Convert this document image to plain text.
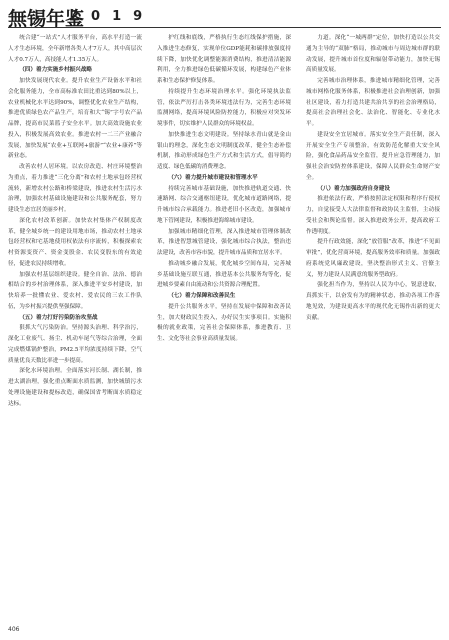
無锡年鉴
2019

统合建“一站式”人才服务平台，高水平打造一流人才生态环境，全年新增各类人才7万人，其中高层次人才0.7万人，高技能人才1.35万人。

（四）着力实施乡村振兴战略

加快发展现代农业。提升农业生产设备水平和社会化服务能力，全市高标准农田比重达到80%以上，农业机械化水平达到90%，调整优化农业生产结构，推进优质绿色农产品生产，培育和大“锡”字号农产品品牌，提高市民菜篮子安全水平。加大高效设施农业投入，积极发展高效农业。推进农村一二三产业融合发展，加快发展“农业+互联网+旅游”“农业+康养”等新业态。

改善农村人居环境。以农房改造、村庄环境整治为重点，着力推进“三化分离”和农村土地承包经营权流转，新增农村公路和桥梁建设，推进农村生活污水治理，加强农村基础设施建设和公共服务配套，努力建设生态宜居美丽乡村。

深化农村改革创新。加快农村集体产权制度改革，健全城乡统一的建设用地市场，推动农村土地承包经营权和宅基地使用权依法有序流转，积极探索农村资源变资产、资金变股金、农民变股东的有效途径，促进农民持续增收。

加强农村基层组织建设。健全自治、法治、德治相结合的乡村治理体系，深入推进平安乡村建设，加快培养一批懂农业、爱农村、爱农民的三农工作队伍，为乡村振兴提供坚强保障。

（五）着力打好污染防治攻坚战

狠抓大气污染防治。坚持源头治理、科学治污，深化工业废气、扬尘、机动车尾气等综合治理，全面完成燃煤锅炉整治，PM2.5平均浓度持续下降，空气质量优良天数比率进一步提高。

深化水环境治理。全面落实河长制、湖长制，推进太湖治理，强化重点断面水质监测，加快城镇污水处理设施建设和提标改造，确保国省考断面水质稳定达标。

护红线和底线，严格执行生态红线保护措施，深入推进生态修复，实现单位GDP能耗和碳排放强度持续下降，加快优化调整能源消费结构，推进清洁能源利用，全力推进绿色低碳循环发展，构建绿色产业体系和生态保护修复体系。

持续提升生态环境治理水平。强化环境执法监管，依法严厉打击各类环境违法行为，完善生态环境监测网络，提高环境风险防控能力，积极应对突发环境事件，切实维护人民群众的环境权益。

加快推进生态文明建设。坚持绿水青山就是金山银山的理念，深化生态文明制度改革，健全生态补偿机制，推动形成绿色生产方式和生活方式，倡导简约适度、绿色低碳的消费理念。

（六）着力提升城市建设和管理水平

持续完善城市基础设施，加快推进轨道交通、快速路网、综合交通枢纽建设，优化城市道路网络，提升城市综合承载能力。推进老旧小区改造，加强城市地下管网建设，积极推进海绵城市建设。

加强城市精细化管理，深入推进城市管理体制改革，推进智慧城管建设，强化城市综合执法，整治违法建设，改善市容市貌，提升城市品质和宜居水平。

推动城乡融合发展，优化城乡空间布局，完善城乡基础设施互联互通，推进基本公共服务均等化，促进城乡要素自由流动和公共资源合理配置。

（七）着力保障和改善民生

提升公共服务水平，坚持在发展中保障和改善民生，加大财政民生投入，办好民生实事项目。实施积极的就业政策，完善社会保障体系，推进教育、卫生、文化等社会事业高质量发展。

力道。深化“一城两群”定位，加快打造以公共交通为主导的“双肺”格局，推动城市与周边城市群的联动发展，提升城市首位度和辐射带动能力，加快无锡高质量发展。

完善城市治理体系，推进城市精细化管理，完善城市网格化服务体系，积极推进社会治理创新，加强社区建设，着力打造共建共治共享的社会治理格局，提高社会治理社会化、法治化、智能化、专业化水平。

建设安全宜居城市。落实安全生产责任制，深入开展安全生产专项整治，有效防范化解重大安全风险，强化食品药品安全监管，提升应急管理能力，加强社会治安防控体系建设，保障人民群众生命财产安全。

（八）着力加强政府自身建设

推进依法行政，严格按照法定权限和程序行使权力，自觉接受人大法律监督和政协民主监督，主动接受社会和舆论监督。深入推进政务公开，提高政府工作透明度。

提升行政效能，深化“放管服”改革，推进“不见面审批”，优化营商环境，提高服务效率和质量。加强政府系统党风廉政建设，坚决整治形式主义、官僚主义，努力建设人民满意的服务型政府。

强化担当作为，坚持以人民为中心，锐意进取，真抓实干，以奋发有为的精神状态，推动各项工作落地见效，为建设更高水平的现代化无锡作出新的更大贡献。

406
